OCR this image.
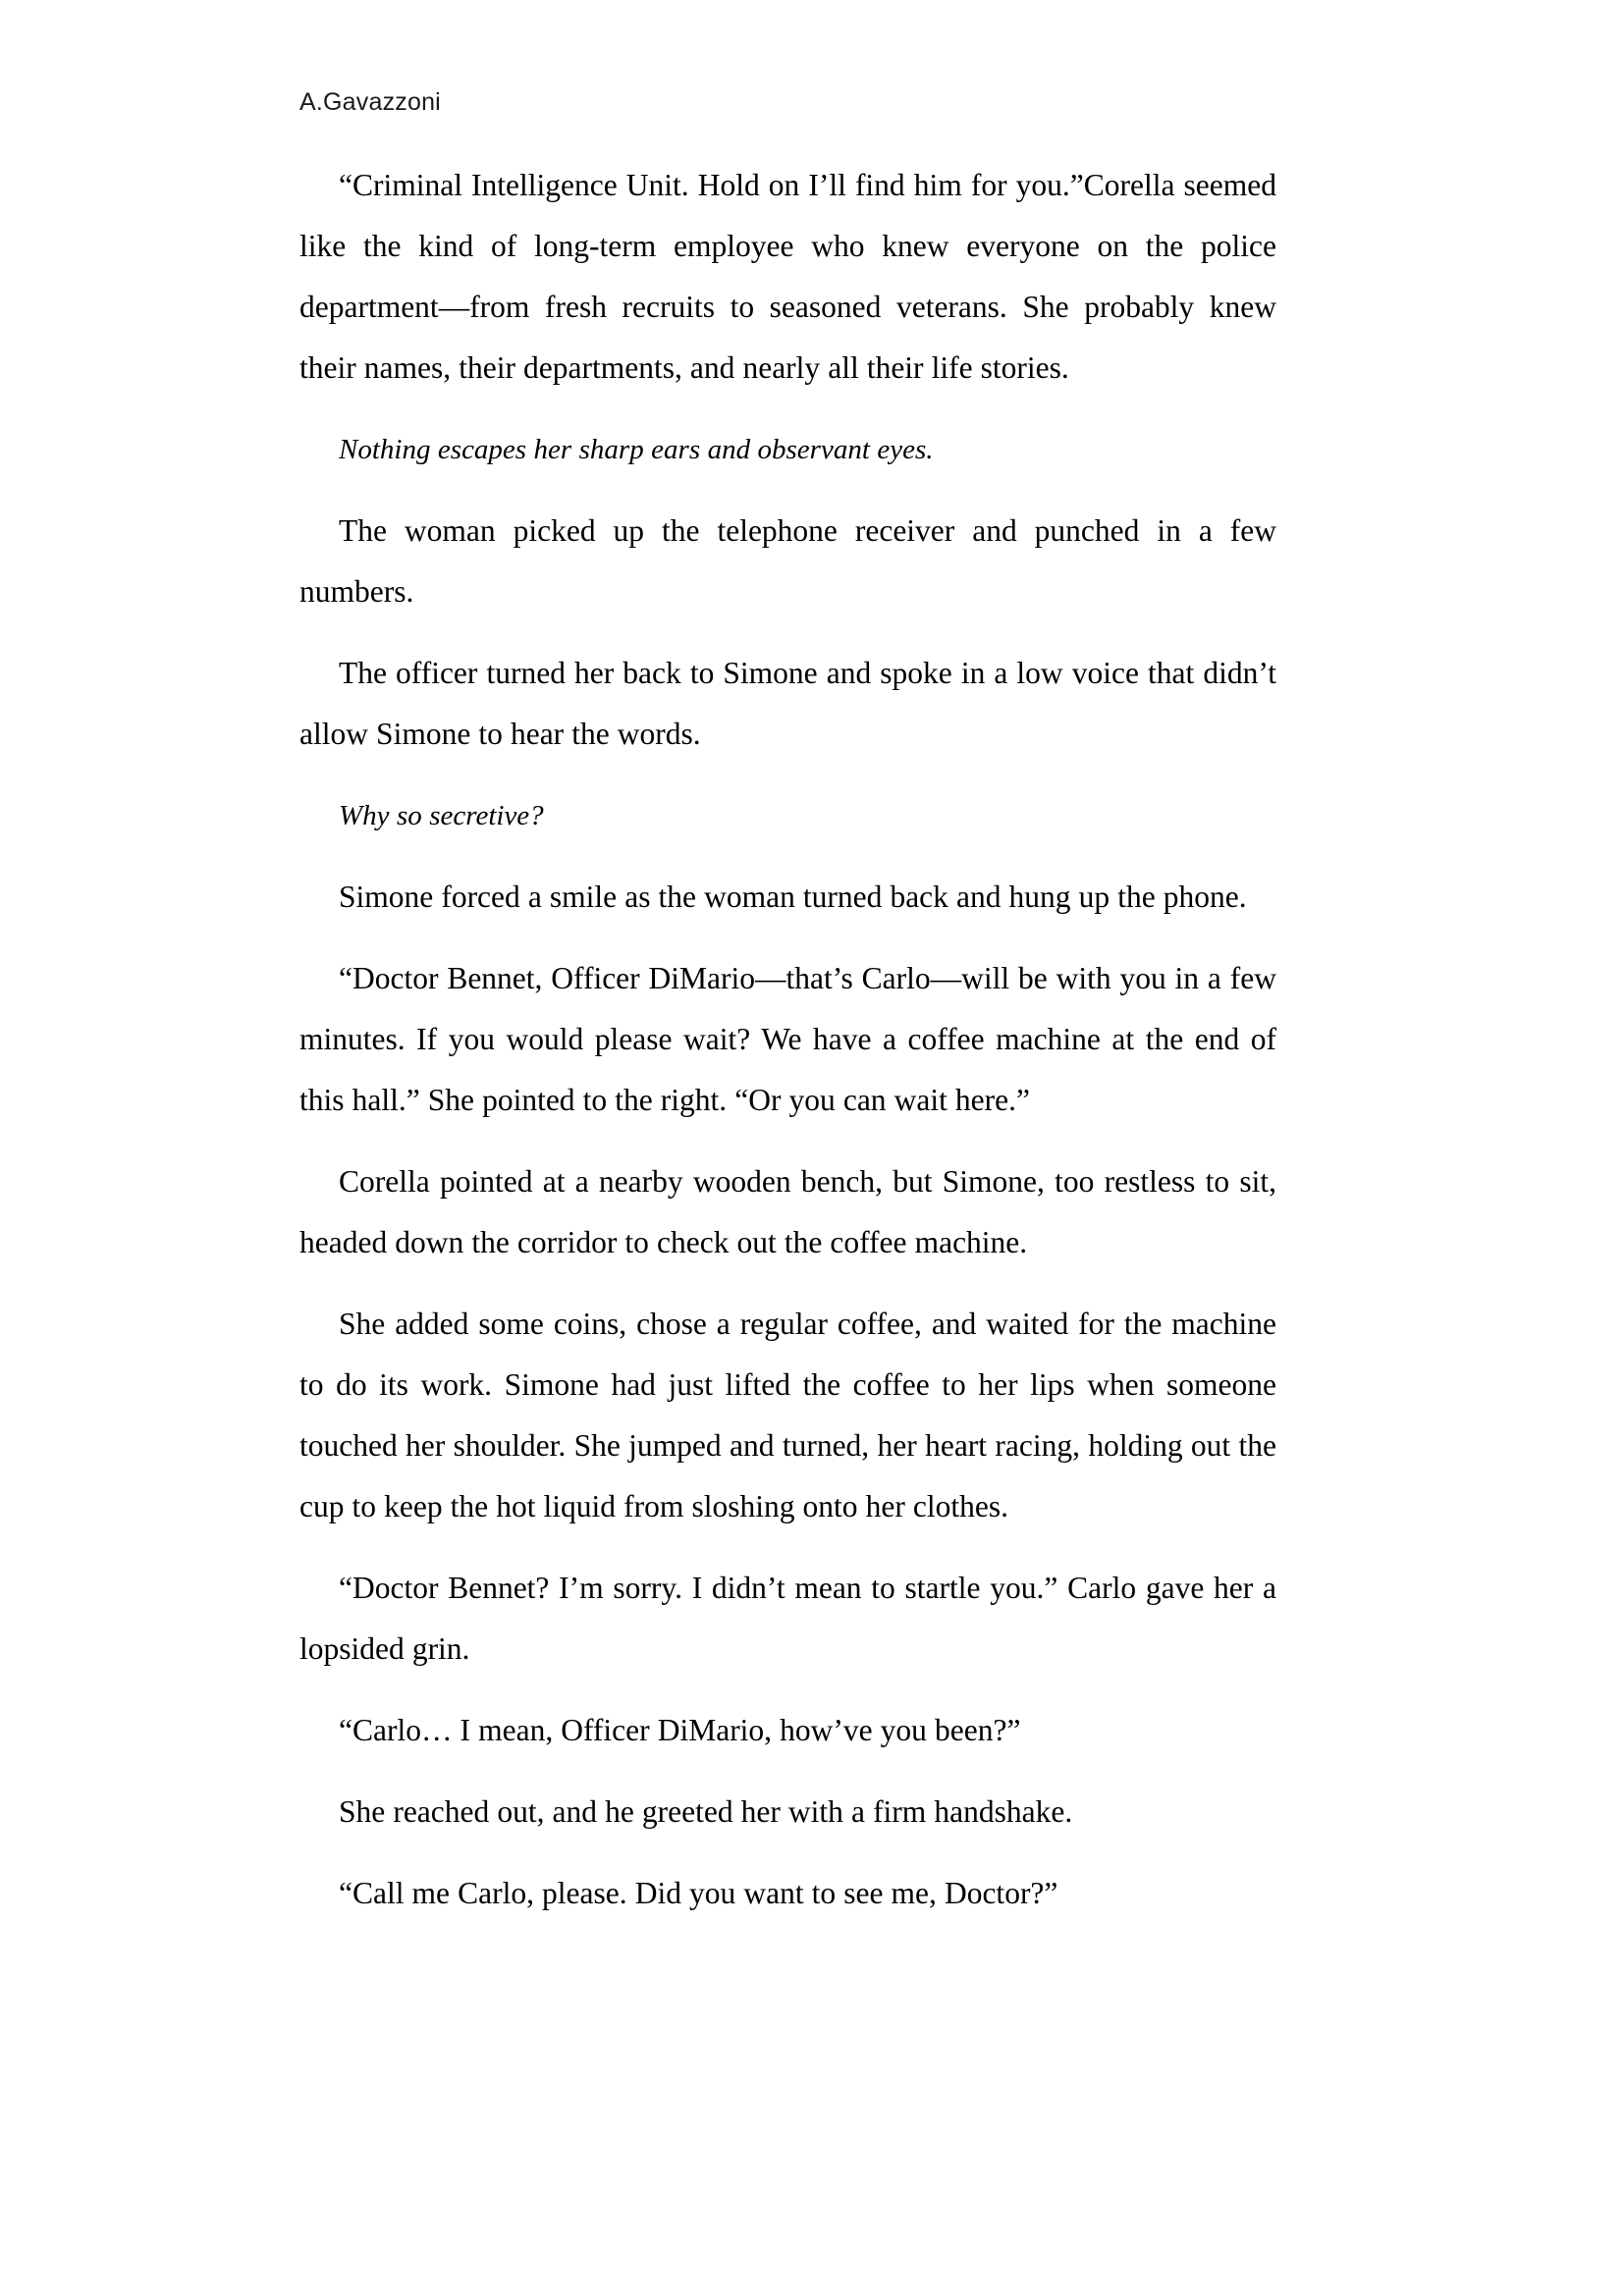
A.Gavazzoni

“Criminal Intelligence Unit. Hold on I’ll find him for you.”Corella seemed like the kind of long-term employee who knew everyone on the police department—from fresh recruits to seasoned veterans. She probably knew their names, their departments, and nearly all their life stories.

Nothing escapes her sharp ears and observant eyes.

The woman picked up the telephone receiver and punched in a few numbers.

The officer turned her back to Simone and spoke in a low voice that didn’t allow Simone to hear the words.

Why so secretive?

Simone forced a smile as the woman turned back and hung up the phone.

“Doctor Bennet, Officer DiMario—that’s Carlo—will be with you in a few minutes. If you would please wait? We have a coffee machine at the end of this hall.” She pointed to the right. “Or you can wait here.”

Corella pointed at a nearby wooden bench, but Simone, too restless to sit, headed down the corridor to check out the coffee machine.

She added some coins, chose a regular coffee, and waited for the machine to do its work. Simone had just lifted the coffee to her lips when someone touched her shoulder. She jumped and turned, her heart racing, holding out the cup to keep the hot liquid from sloshing onto her clothes.

“Doctor Bennet? I’m sorry. I didn’t mean to startle you.” Carlo gave her a lopsided grin.

“Carlo… I mean, Officer DiMario, how’ve you been?”

She reached out, and he greeted her with a firm handshake.

“Call me Carlo, please. Did you want to see me, Doctor?”
